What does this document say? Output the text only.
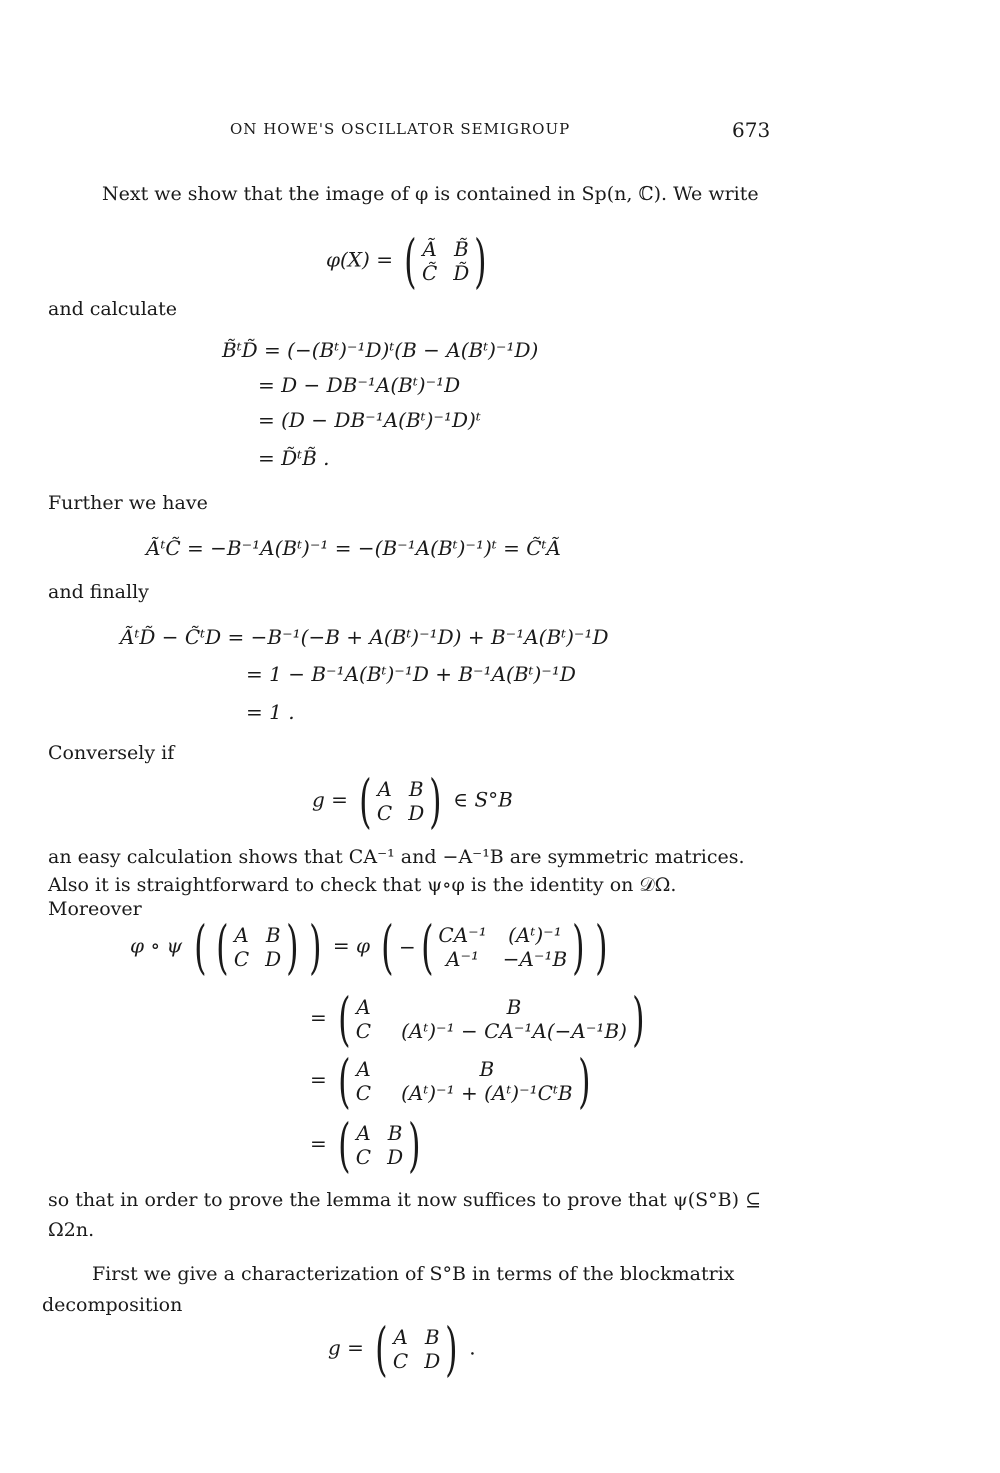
ON HOWE'S OSCILLATOR SEMIGROUP	673
Next we show that the image of φ is contained in Sp(n, ℂ). We write
φ(X) = ( Ã B̃
C̃ D̃ )
and calculate
B̃ᵗD̃ = (−(Bᵗ)⁻¹D)ᵗ(B − A(Bᵗ)⁻¹D)
= D − DB⁻¹A(Bᵗ)⁻¹D
= (D − DB⁻¹A(Bᵗ)⁻¹D)ᵗ
= D̃ᵗB̃ .
Further we have
ÃᵗC̃ = −B⁻¹A(Bᵗ)⁻¹ = −(B⁻¹A(Bᵗ)⁻¹)ᵗ = C̃ᵗÃ
and finally
ÃᵗD̃ − C̃ᵗD = −B⁻¹(−B + A(Bᵗ)⁻¹D) + B⁻¹A(Bᵗ)⁻¹D
= 1 − B⁻¹A(Bᵗ)⁻¹D + B⁻¹A(Bᵗ)⁻¹D
= 1 .
Conversely if
g = ( A B
C D ) ∈ S°B
an easy calculation shows that CA⁻¹ and −A⁻¹B are symmetric matrices.
Also it is straightforward to check that ψ∘φ is the identity on 𝒟Ω. Moreover
φ ∘ ψ ( ( A B
C D ) ) = φ ( − ( CA⁻¹ (Aᵗ)⁻¹
A⁻¹	−A⁻¹B ) )
= ( A	B
C (Aᵗ)⁻¹ − CA⁻¹A(−A⁻¹B) )
= ( A	B
C (Aᵗ)⁻¹ + (Aᵗ)⁻¹CᵗB )
= ( A B
C D )
so that in order to prove the lemma it now suffices to prove that ψ(S°B) ⊆
Ω2n.
First we give a characterization of S°B in terms of the blockmatrix
decomposition
g = ( A B
C D ) .
